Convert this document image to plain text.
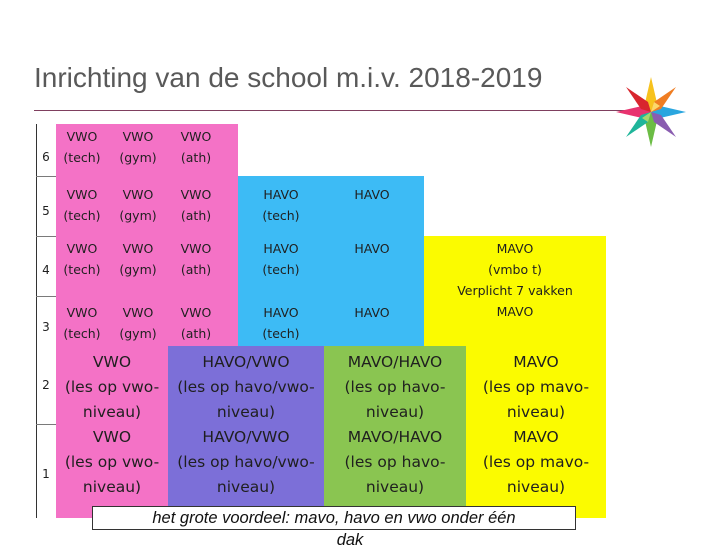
Inrichting van de school m.i.v. 2018-2019
6
5
4
3
2
1
VWO
(tech)
VWO
(gym)
VWO
(ath)
VWO
(tech)
VWO
(gym)
VWO
(ath)
VWO
(tech)
VWO
(gym)
VWO
(ath)
VWO
(tech)
VWO
(gym)
VWO
(ath)
HAVO
(tech)
HAVO
(tech)
HAVO
(tech)
HAVO
HAVO
HAVO
MAVO
(vmbo t)
Verplicht 7 vakken
MAVO
VWO
(les op vwo-
niveau)
HAVO/VWO
(les op havo/vwo-
niveau)
MAVO/HAVO
(les op havo-
niveau)
MAVO
(les op mavo-
niveau)
VWO
(les op vwo-
niveau)
HAVO/VWO
(les op havo/vwo-
niveau)
MAVO/HAVO
(les op havo-
niveau)
MAVO
(les op mavo-
niveau)
het grote voordeel: mavo, havo en vwo onder één
dak
